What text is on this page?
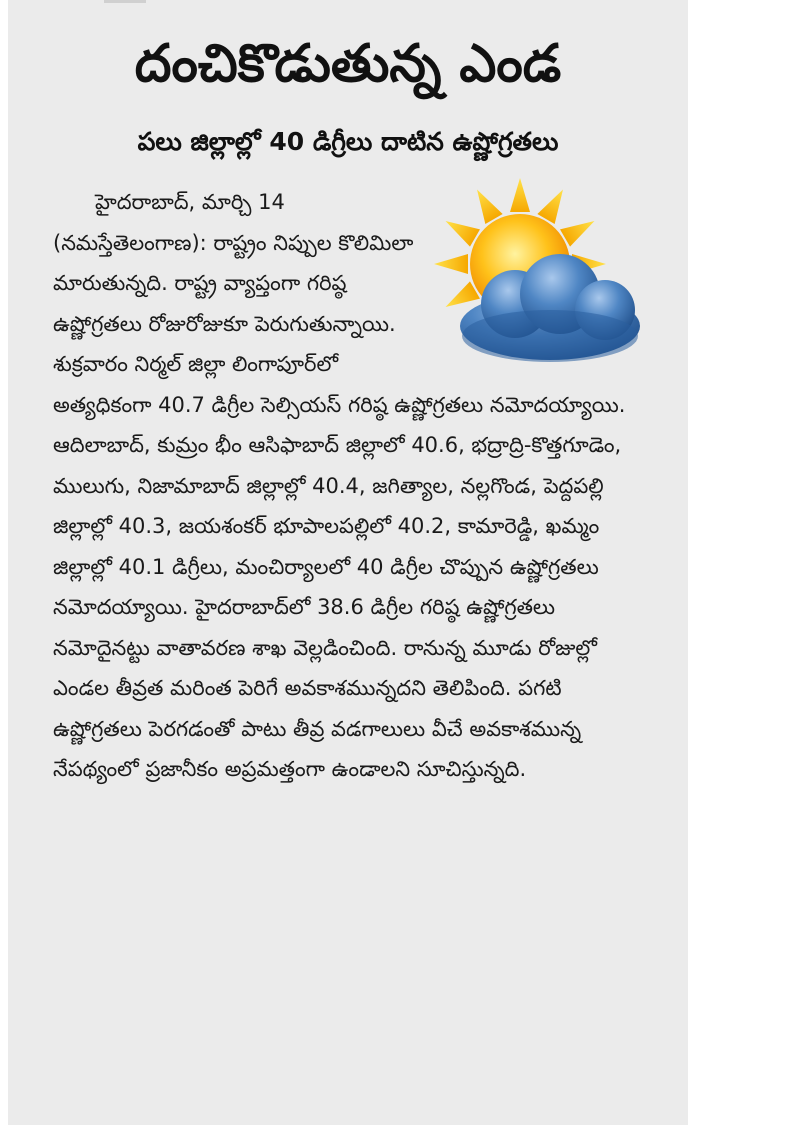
దంచికొడుతున్న ఎండ
పలు జిల్లాల్లో 40 డిగ్రీలు దాటిన ఉష్ణోగ్రతలు

హైదరాబాద్, మార్చి 14 (నమస్తేతెలంగాణ): రాష్ట్రం నిప్పుల కొలిమిలా మారుతున్నది. రాష్ట్ర వ్యాప్తంగా గరిష్ఠ ఉష్ణోగ్రతలు రోజురోజుకూ పెరుగుతున్నాయి. శుక్రవారం నిర్మల్ జిల్లా లింగాపూర్‌లో అత్యధికంగా 40.7 డిగ్రీల సెల్సియస్ గరిష్ఠ ఉష్ణోగ్రతలు నమోదయ్యాయి. ఆదిలాబాద్, కుమ్రం భీం ఆసిఫాబాద్ జిల్లాలో 40.6, భద్రాద్రి-కొత్తగూడెం, ములుగు, నిజామాబాద్ జిల్లాల్లో 40.4, జగిత్యాల, నల్లగొండ, పెద్దపల్లి జిల్లాల్లో 40.3, జయశంకర్ భూపాలపల్లిలో 40.2, కామారెడ్డి, ఖమ్మం జిల్లాల్లో 40.1 డిగ్రీలు, మంచిర్యాలలో 40 డిగ్రీల చొప్పున ఉష్ణోగ్రతలు నమోదయ్యాయి. హైదరాబాద్‌లో 38.6 డిగ్రీల గరిష్ఠ ఉష్ణోగ్రతలు నమోదైనట్టు వాతావరణ శాఖ వెల్లడించింది. రానున్న మూడు రోజుల్లో ఎండల తీవ్రత మరింత పెరిగే అవకాశమున్నదని తెలిపింది. పగటి ఉష్ణోగ్రతలు పెరగడంతో పాటు తీవ్ర వడగాలులు వీచే అవకాశమున్న నేపథ్యంలో ప్రజానీకం అప్రమత్తంగా ఉండాలని సూచిస్తున్నది.
